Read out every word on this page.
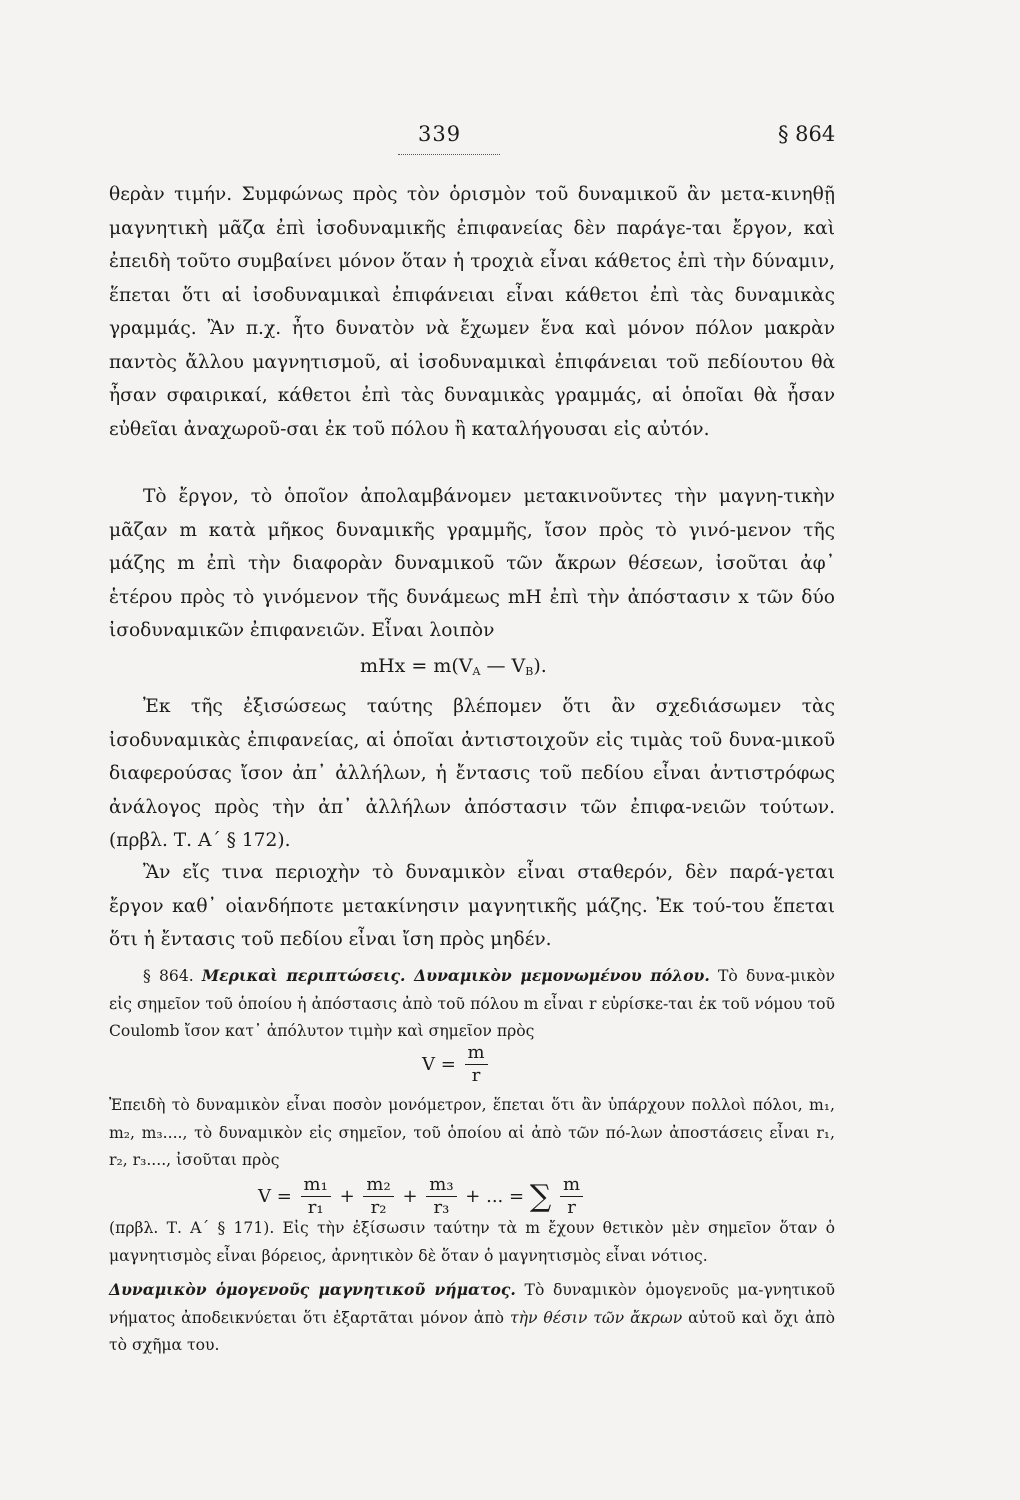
339	§ 864

θερὰν τιμήν. Συμφώνως πρὸς τὸν ὁρισμὸν τοῦ δυναμικοῦ ἂν μετα-κινηθῇ μαγνητικὴ μᾶζα ἐπὶ ἰσοδυναμικῆς ἐπιφανείας δὲν παράγε-ται ἔργον, καὶ ἐπειδὴ τοῦτο συμβαίνει μόνον ὅταν ἡ τροχιὰ εἶναι κάθετος ἐπὶ τὴν δύναμιν, ἕπεται ὅτι αἱ ἰσοδυναμικαὶ ἐπιφάνειαι εἶναι κάθετοι ἐπὶ τὰς δυναμικὰς γραμμάς. Ἂν π.χ. ἦτο δυνατὸν νὰ ἔχωμεν ἕνα καὶ μόνον πόλον μακρὰν παντὸς ἄλλου μαγνητισμοῦ, αἱ ἰσοδυναμικαὶ ἐπιφάνειαι τοῦ πεδίουτου θὰ ἦσαν σφαιρικαί, κάθετοι ἐπὶ τὰς δυναμικὰς γραμμάς, αἱ ὁποῖαι θὰ ἦσαν εὐθεῖαι ἀναχωροῦ-σαι ἐκ τοῦ πόλου ἢ καταλήγουσαι εἰς αὐτόν.

Τὸ ἔργον, τὸ ὁποῖον ἀπολαμβάνομεν μετακινοῦντες τὴν μαγνη-τικὴν μᾶζαν m κατὰ μῆκος δυναμικῆς γραμμῆς, ἴσον πρὸς τὸ γινό-μενον τῆς μάζης m ἐπὶ τὴν διαφορὰν δυναμικοῦ τῶν ἄκρων θέσεων, ἰσοῦται ἀφ᾽ ἑτέρου πρὸς τὸ γινόμενον τῆς δυνάμεως mH ἐπὶ τὴν ἀπόστασιν x τῶν δύο ἰσοδυναμικῶν ἐπιφανειῶν. Εἶναι λοιπὸν

mHx = $m(V_A$ — $V_B$).

Ἐκ τῆς ἐξισώσεως ταύτης βλέπομεν ὅτι ἂν σχεδιάσωμεν τὰς ἰσοδυναμικὰς ἐπιφανείας, αἱ ὁποῖαι ἀντιστοιχοῦν εἰς τιμὰς τοῦ δυνα-μικοῦ διαφερούσας ἴσον ἀπ᾽ ἀλλήλων, ἡ ἔντασις τοῦ πεδίου εἶναι ἀντιστρόφως ἀνάλογος πρὸς τὴν ἀπ᾽ ἀλλήλων ἀπόστασιν τῶν ἐπιφα-νειῶν τούτων. (πρβλ. Τ. Α΄ § 172).

Ἂν εἴς τινα περιοχὴν τὸ δυναμικὸν εἶναι σταθερόν, δὲν παρά-γεται ἔργον καθ᾽ οἱανδήποτε μετακίνησιν μαγνητικῆς μάζης. Ἐκ τού-του ἕπεται ὅτι ἡ ἔντασις τοῦ πεδίου εἶναι ἴση πρὸς μηδέν.

§ 864. Μερικαὶ περιπτώσεις. Δυναμικὸν μεμονωμένου πόλου. Τὸ δυνα-μικὸν εἰς σημεῖον τοῦ ὁποίου ἡ ἀπόστασις ἀπὸ τοῦ πόλου m εἶναι r εὑρίσκε-ται ἐκ τοῦ νόμου τοῦ Coulomb ἴσον κατ᾽ ἀπόλυτον τιμὴν καὶ σημεῖον πρὸς

$V = \frac{m}{r}$

Ἐπειδὴ τὸ δυναμικὸν εἶναι ποσὸν μονόμετρον, ἕπεται ὅτι ἂν ὑπάρχουν πολλοὶ πόλοι, m₁, m₂, m₃...., τὸ δυναμικὸν εἰς σημεῖον, τοῦ ὁποίου αἱ ἀπὸ τῶν πό-λων ἀποστάσεις εἶναι r₁, r₂, r₃...., ἰσοῦται πρὸς

$V = \frac{\text{m₁}}{\text{r₁}} + \frac{\text{m₂}}{\text{r₂}} + \frac{\text{m₃}}{\text{r₃}}$ + ... = ∑ $\frac{m}{r}$

(πρβλ. Τ. Α΄ § 171). Εἰς τὴν ἐξίσωσιν ταύτην τὰ m ἔχουν θετικὸν μὲν σημεῖον ὅταν ὁ μαγνητισμὸς εἶναι βόρειος, ἀρνητικὸν δὲ ὅταν ὁ μαγνητισμὸς εἶναι νότιος.

Δυναμικὸν ὁμογενοῦς μαγνητικοῦ νήματος. Τὸ δυναμικὸν ὁμογενοῦς μα-γνητικοῦ νήματος ἀποδεικνύεται ὅτι ἐξαρτᾶται μόνον ἀπὸ τὴν θέσιν τῶν ἄκρων αὐτοῦ καὶ ὄχι ἀπὸ τὸ σχῆμα του.
